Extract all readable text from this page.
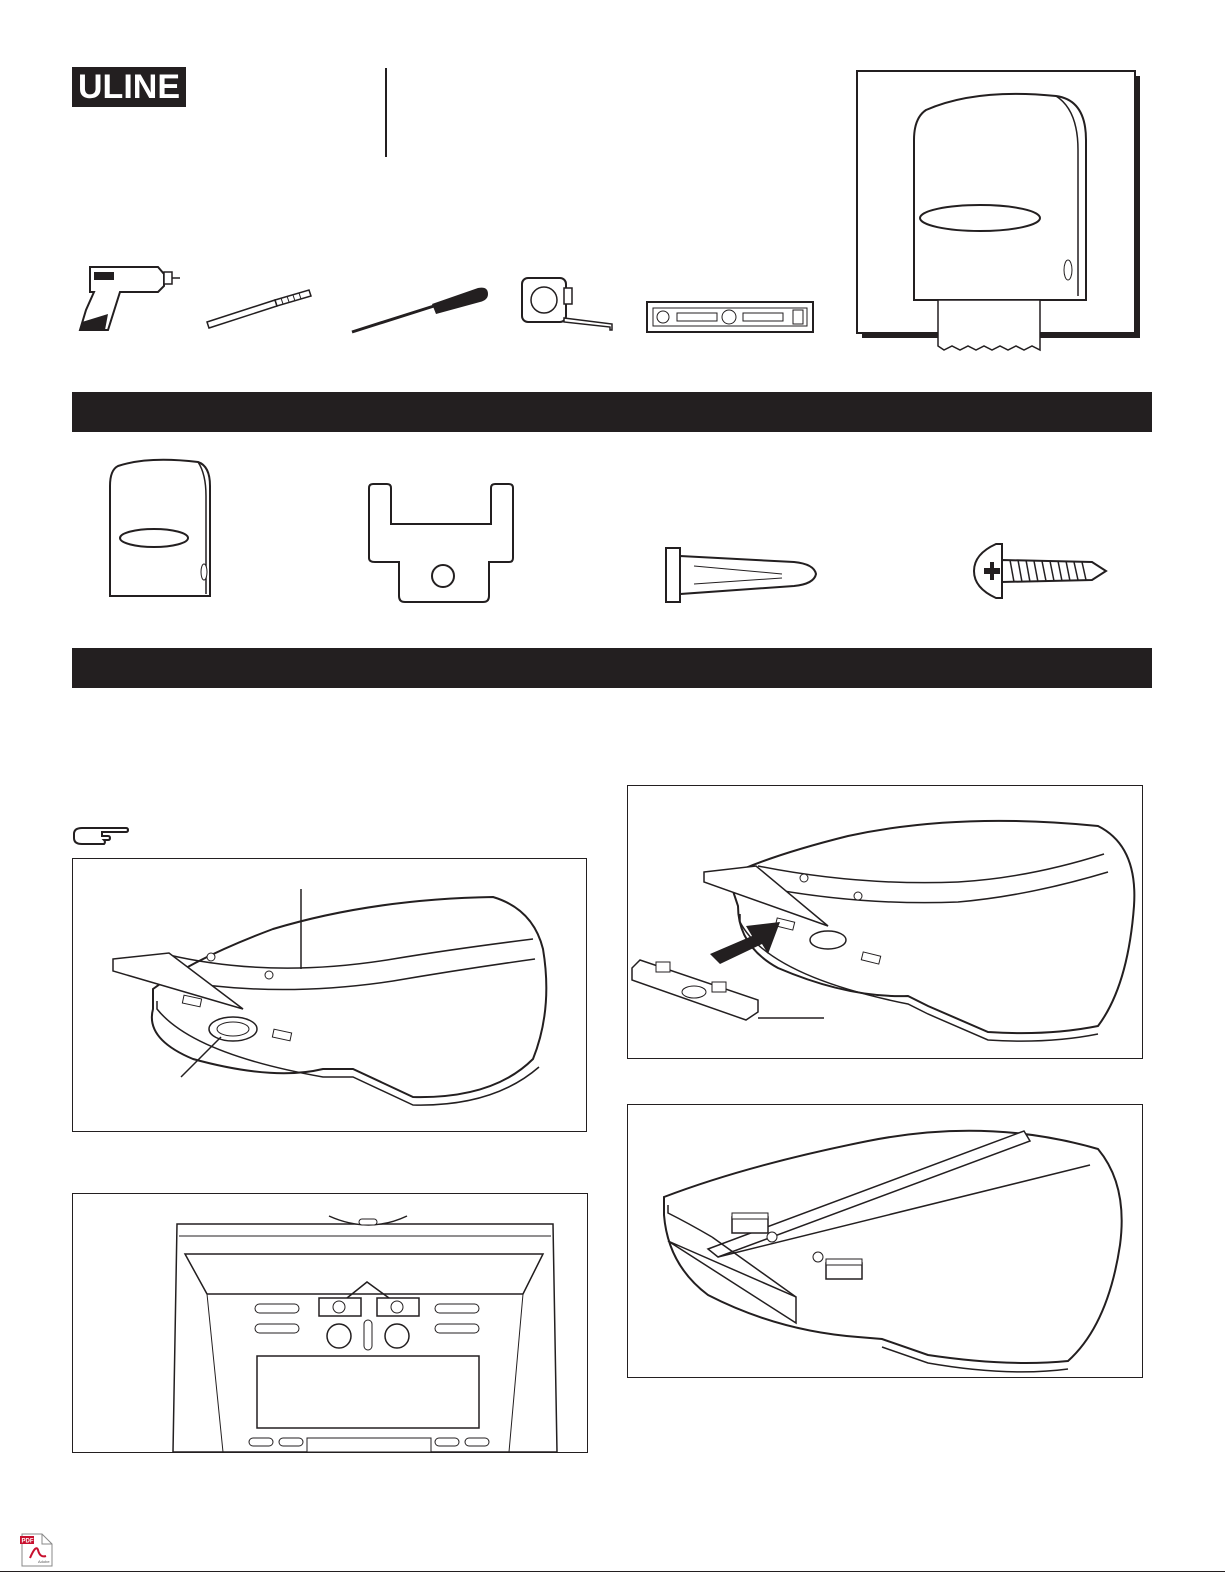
ULINE
PDF
Adobe
